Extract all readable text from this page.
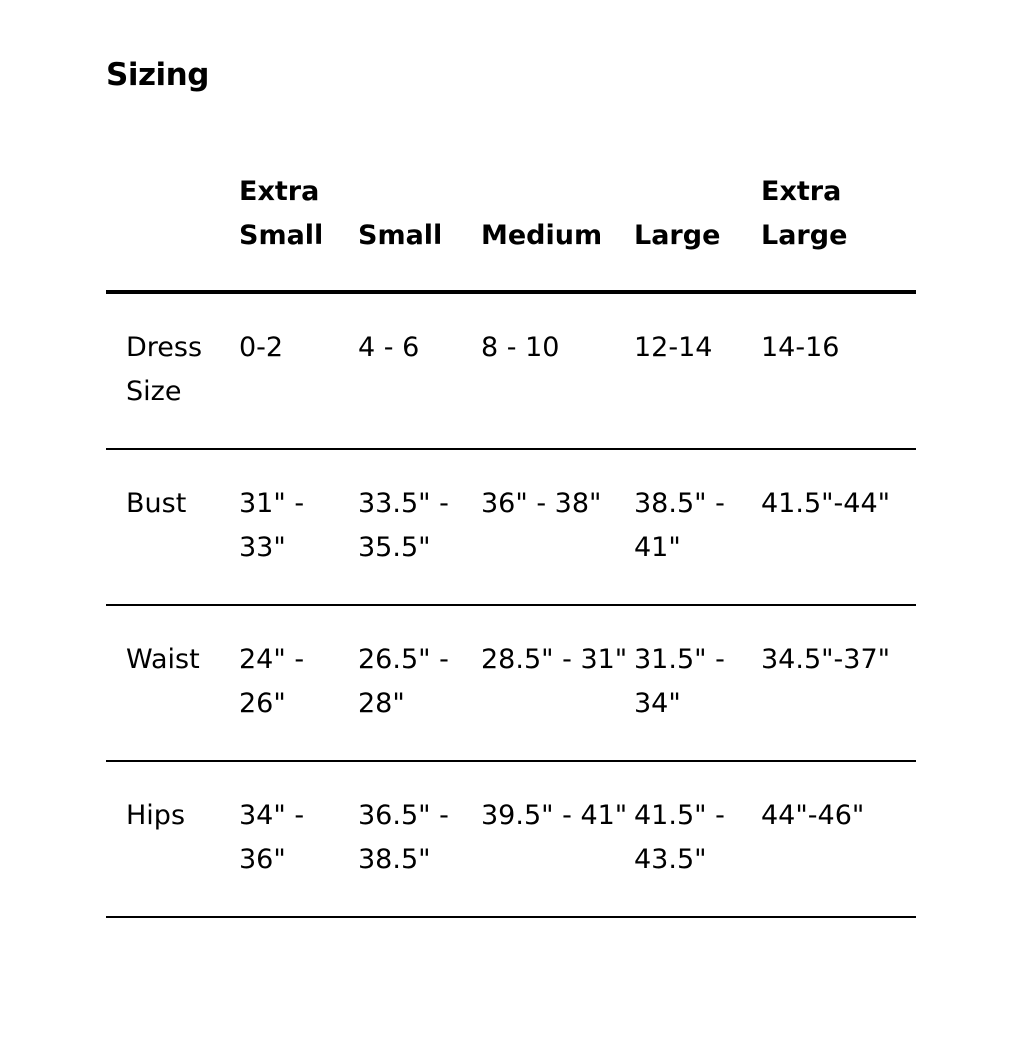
Sizing
	Extra Small	Small	Medium	Large	Extra Large
Dress Size	0-2	4 - 6	8 - 10	12-14	14-16
Bust	31" - 33"	33.5" - 35.5"	36" - 38"	38.5" - 41"	41.5"-44"
Waist	24" - 26"	26.5" - 28"	28.5" - 31"	31.5" - 34"	34.5"-37"
Hips	34" - 36"	36.5" - 38.5"	39.5" - 41"	41.5" - 43.5"	44"-46"
